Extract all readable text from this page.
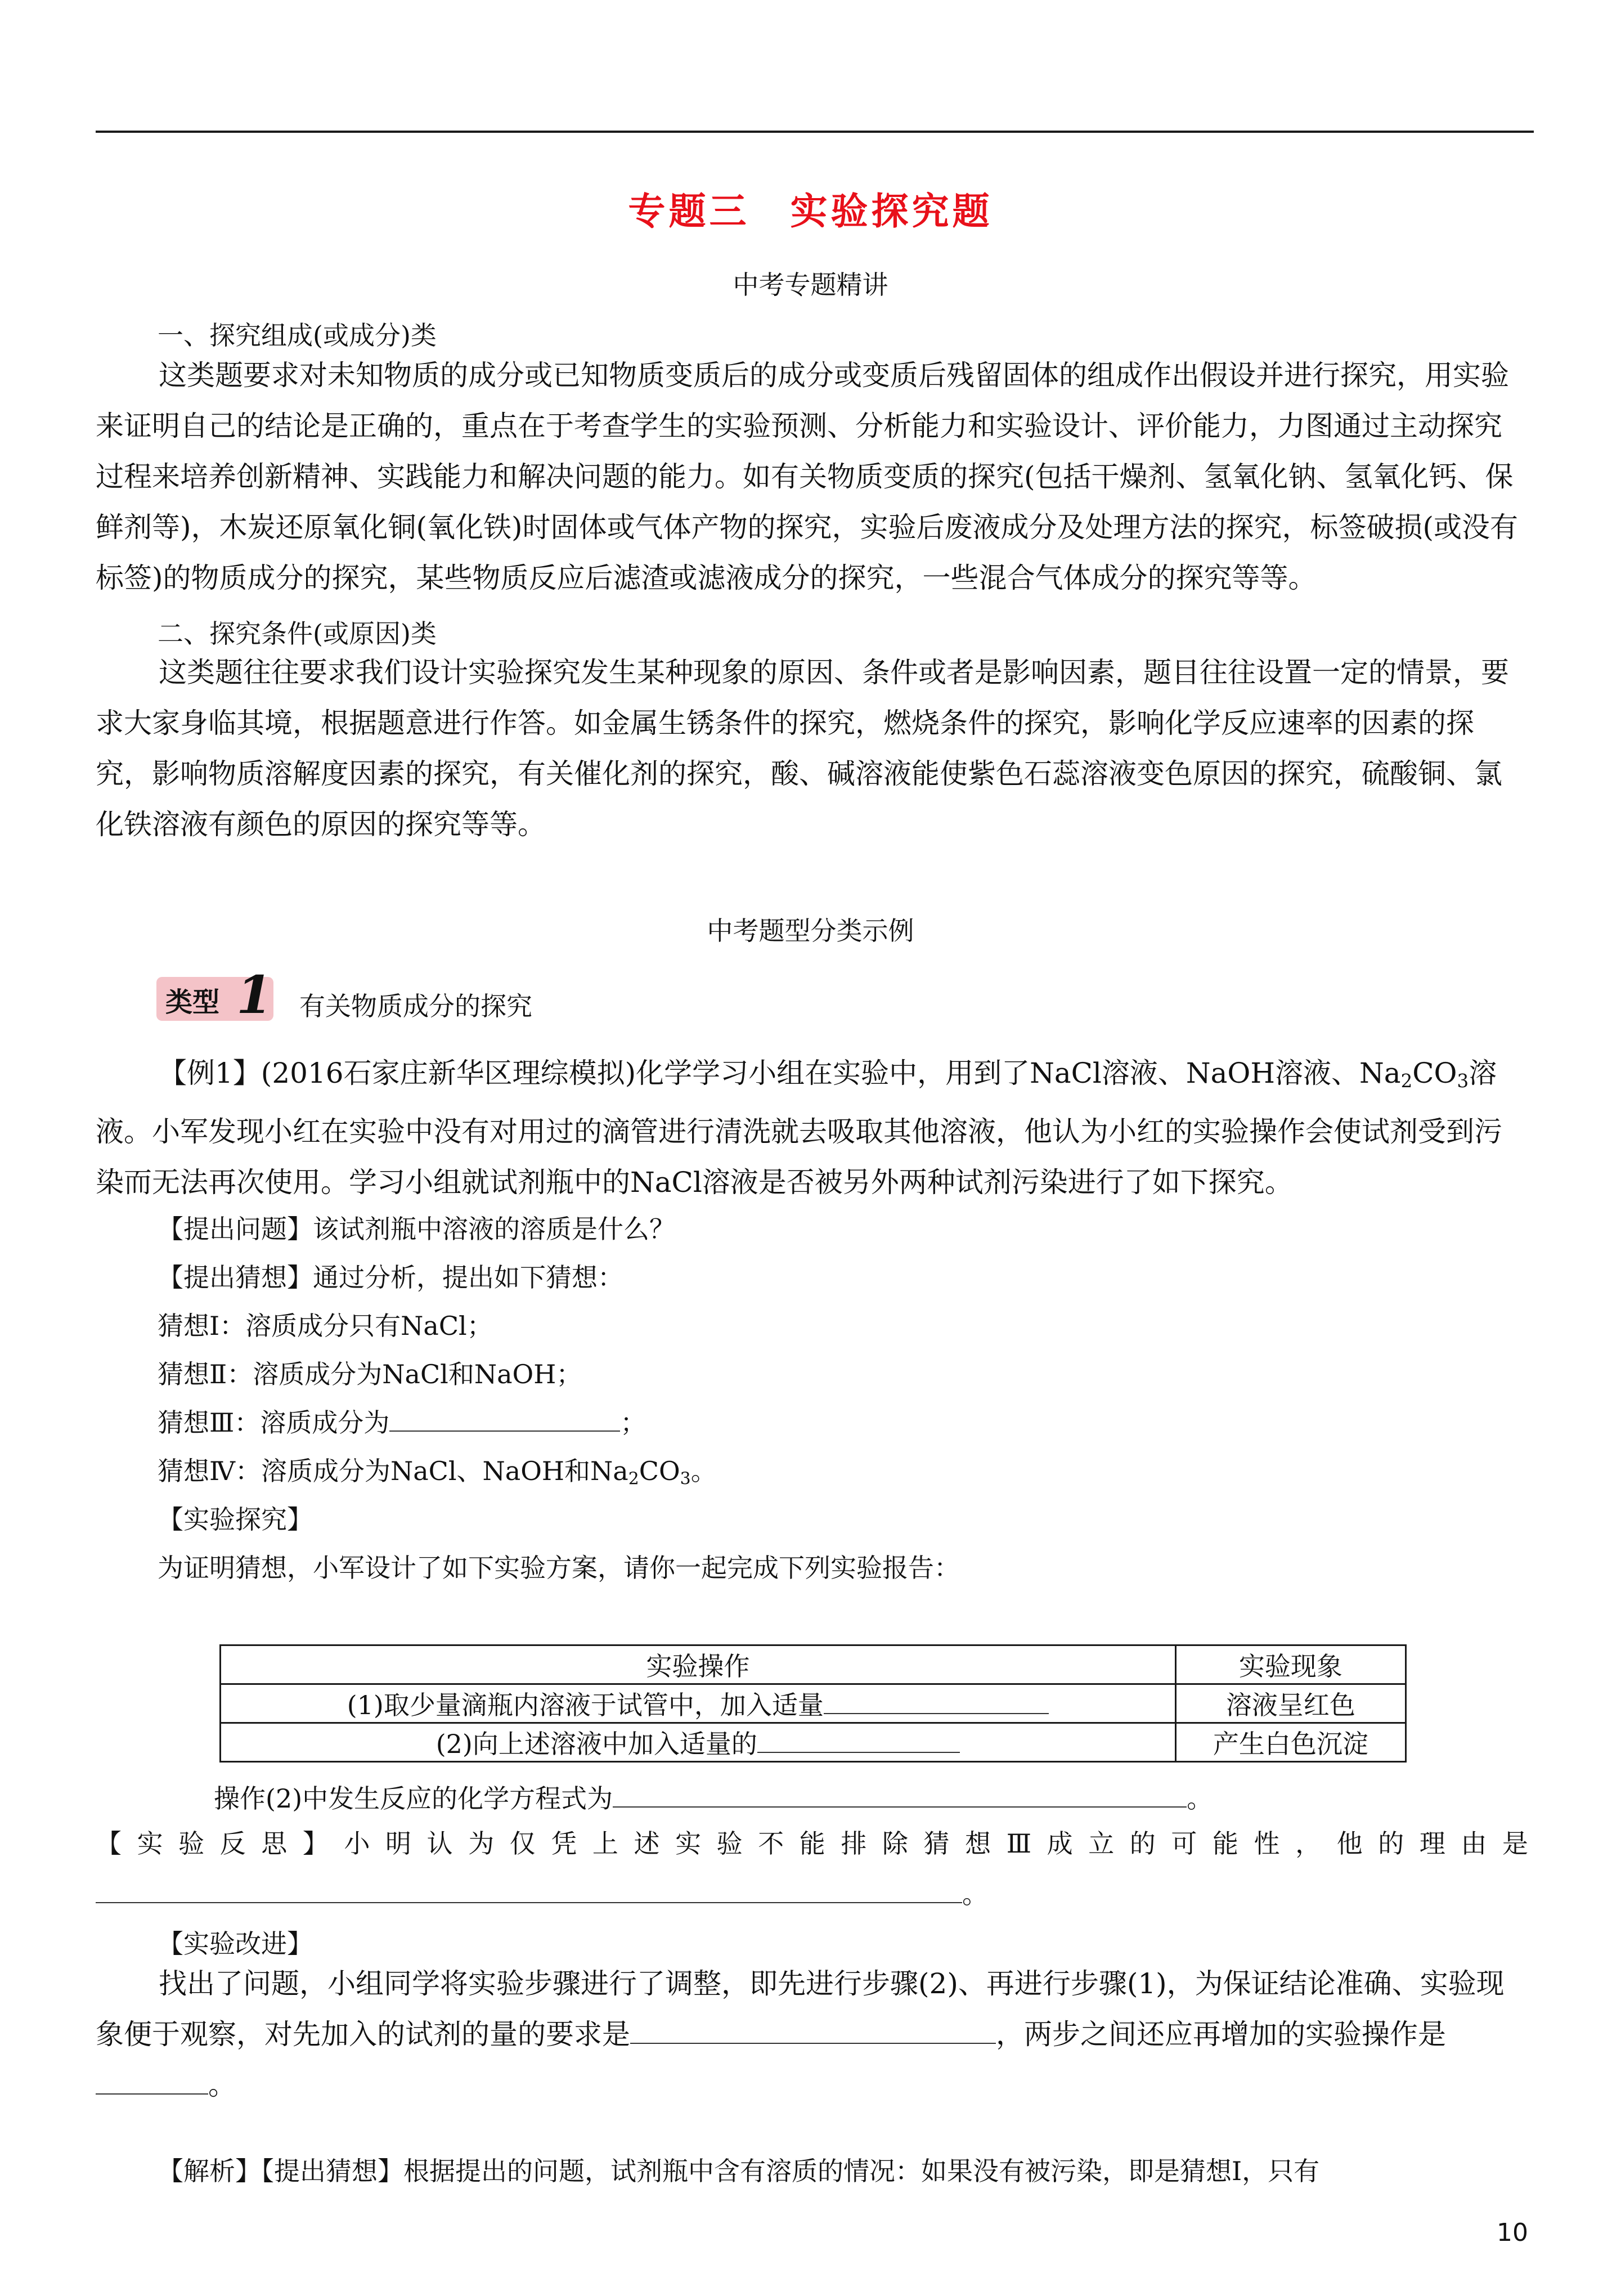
专题三　实验探究题
中考专题精讲
一、探究组成(或成分)类

这类题要求对未知物质的成分或已知物质变质后的成分或变质后残留固体的组成作出假设并进行探究，用实验来证明自己的结论是正确的，重点在于考查学生的实验预测、分析能力和实验设计、评价能力，力图通过主动探究过程来培养创新精神、实践能力和解决问题的能力。如有关物质变质的探究(包括干燥剂、氢氧化钠、氢氧化钙、保鲜剂等)，木炭还原氧化铜(氧化铁)时固体或气体产物的探究，实验后废液成分及处理方法的探究，标签破损(或没有标签)的物质成分的探究，某些物质反应后滤渣或滤液成分的探究，一些混合气体成分的探究等等。

二、探究条件(或原因)类

这类题往往要求我们设计实验探究发生某种现象的原因、条件或者是影响因素，题目往往设置一定的情景，要求大家身临其境，根据题意进行作答。如金属生锈条件的探究，燃烧条件的探究，影响化学反应速率的因素的探究，影响物质溶解度因素的探究，有关催化剂的探究，酸、碱溶液能使紫色石蕊溶液变色原因的探究，硫酸铜、氯化铁溶液有颜色的原因的探究等等。

中考题型分类示例
类型 1 有关物质成分的探究

【例1】(2016石家庄新华区理综模拟)化学学习小组在实验中，用到了NaCl溶液、NaOH溶液、$Na_2CO_3$溶液。小军发现小红在实验中没有对用过的滴管进行清洗就去吸取其他溶液，他认为小红的实验操作会使试剂受到污染而无法再次使用。学习小组就试剂瓶中的NaCl溶液是否被另外两种试剂污染进行了如下探究。

【提出问题】该试剂瓶中溶液的溶质是什么？
【提出猜想】通过分析，提出如下猜想：
猜想Ⅰ：溶质成分只有NaCl；
猜想Ⅱ：溶质成分为NaCl和NaOH；
猜想Ⅲ：溶质成分为	；
猜想Ⅳ：溶质成分为NaCl、NaOH和$Na_2CO_3$。
【实验探究】
为证明猜想，小军设计了如下实验方案，请你一起完成下列实验报告：
实验操作	实验现象
(1)取少量滴瓶内溶液于试管中，加入适量	溶液呈红色
(2)向上述溶液中加入适量的	产生白色沉淀
操作(2)中发生反应的化学方程式为	。
【实验反思】小明认为仅凭上述实验不能排除猜想Ⅲ成立的可能性，他的理由是
。
【实验改进】

找出了问题，小组同学将实验步骤进行了调整，即先进行步骤(2)、再进行步骤(1)，为保证结论准确、实验现象便于观察，对先加入的试剂的量的要求是	，两步之间还应再增加的实验操作是。

【解析】【提出猜想】根据提出的问题，试剂瓶中含有溶质的情况：如果没有被污染，即是猜想Ⅰ，只有
10
